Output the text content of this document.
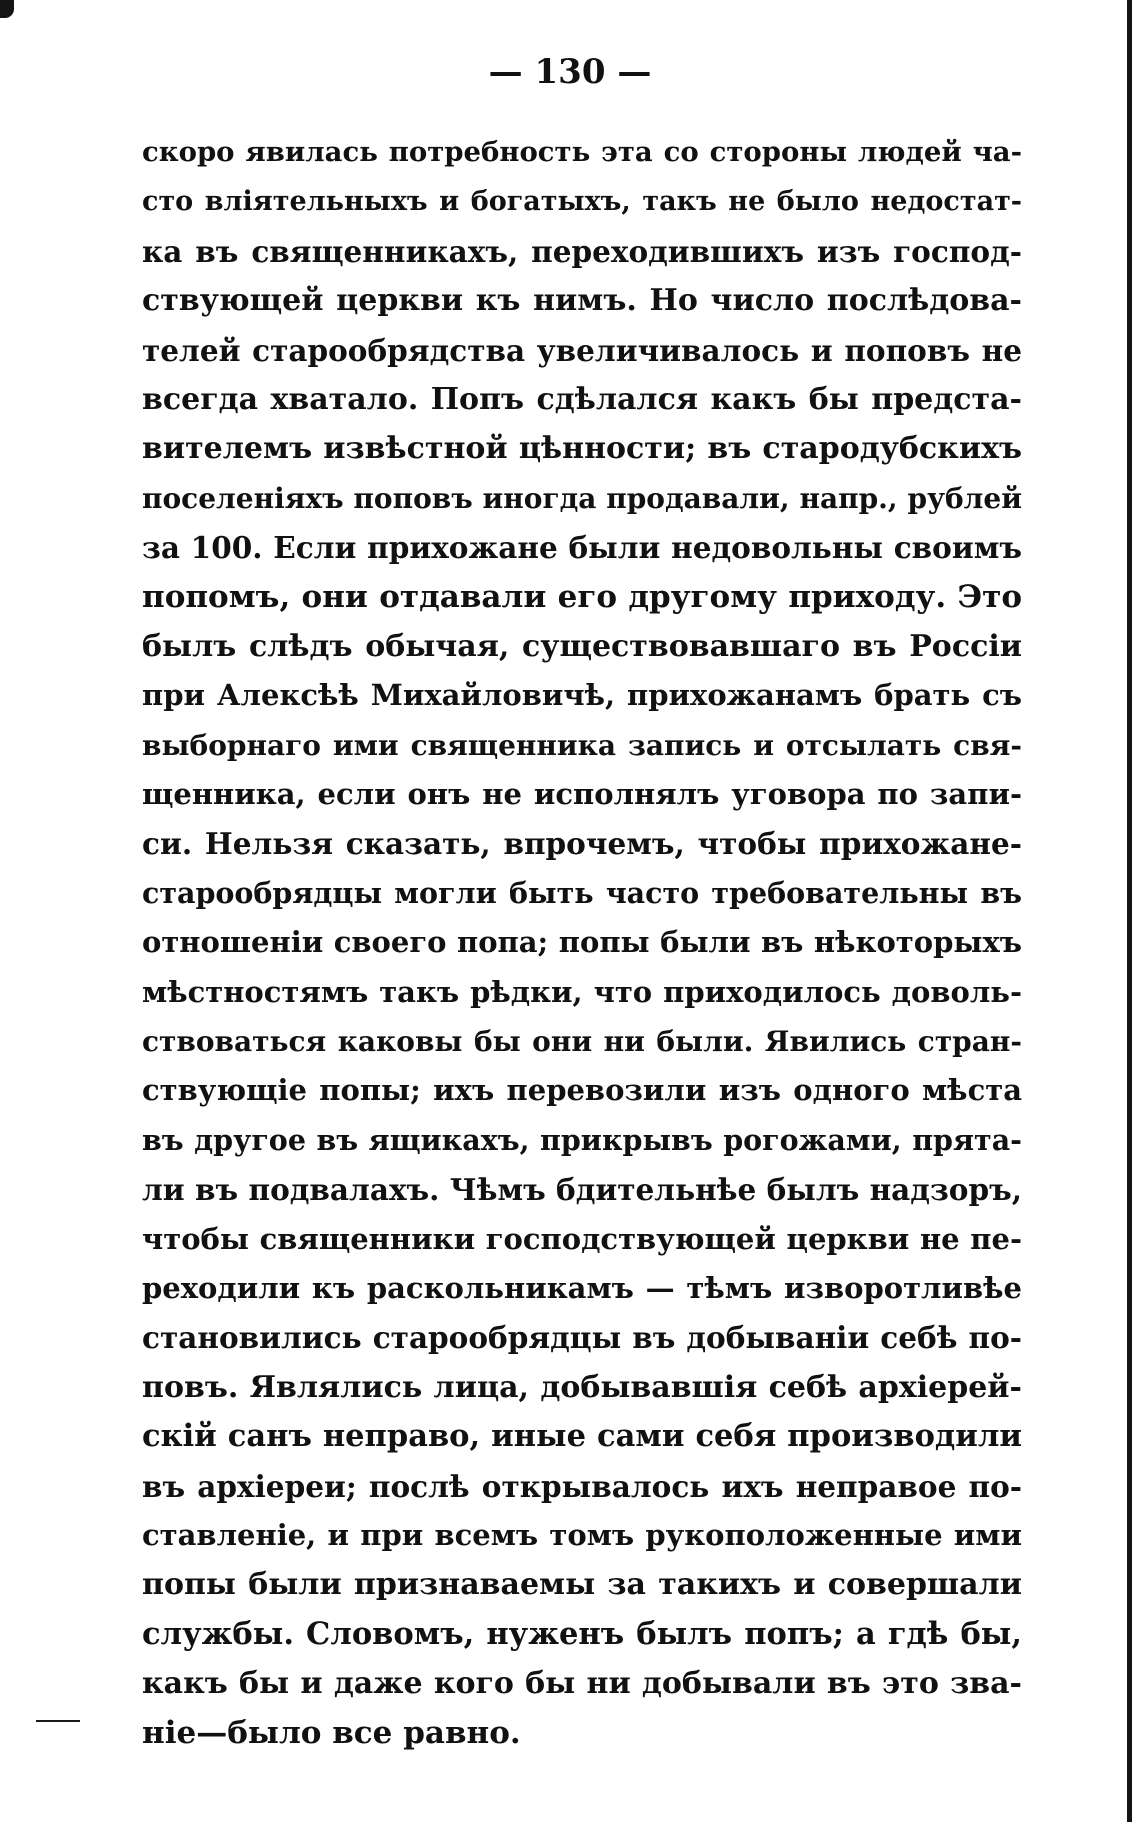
— 130 —

скоро явилась потребность эта со стороны людей ча-
сто вліятельныхъ и богатыхъ, такъ не было недостат-
ка въ священникахъ, переходившихъ изъ господ-
ствующей церкви къ нимъ. Но число послѣдова-
телей старообрядства увеличивалось и поповъ не
всегда хватало. Попъ сдѣлался какъ бы предста-
вителемъ извѣстной цѣнности; въ стародубскихъ
поселеніяхъ поповъ иногда продавали, напр., рублей
за 100. Если прихожане были недовольны своимъ
попомъ, они отдавали его другому приходу. Это
былъ слѣдъ обычая, существовавшаго въ Россіи
при Алексѣѣ Михайловичѣ, прихожанамъ брать съ
выборнаго ими священника запись и отсылать свя-
щенника, если онъ не исполнялъ уговора по запи-
си. Нельзя сказать, впрочемъ, чтобы прихожане-
старообрядцы могли быть часто требовательны въ
отношеніи своего попа; попы были въ нѣкоторыхъ
мѣстностямъ такъ рѣдки, что приходилось доволь-
ствоваться каковы бы они ни были. Явились стран-
ствующіе попы; ихъ перевозили изъ одного мѣста
въ другое въ ящикахъ, прикрывъ рогожами, прята-
ли въ подвалахъ. Чѣмъ бдительнѣе былъ надзоръ,
чтобы священники господствующей церкви не пе-
реходили къ раскольникамъ — тѣмъ изворотливѣе
становились старообрядцы въ добываніи себѣ по-
повъ. Являлись лица, добывавшія себѣ архіерей-
скій санъ неправо, иные сами себя производили
въ архіереи; послѣ открывалось ихъ неправое по-
ставленіе, и при всемъ томъ рукоположенные ими
попы были признаваемы за такихъ и совершали
службы. Словомъ, нуженъ былъ попъ; а гдѣ бы,
какъ бы и даже кого бы ни добывали въ это зва-
ніе—было все равно.
